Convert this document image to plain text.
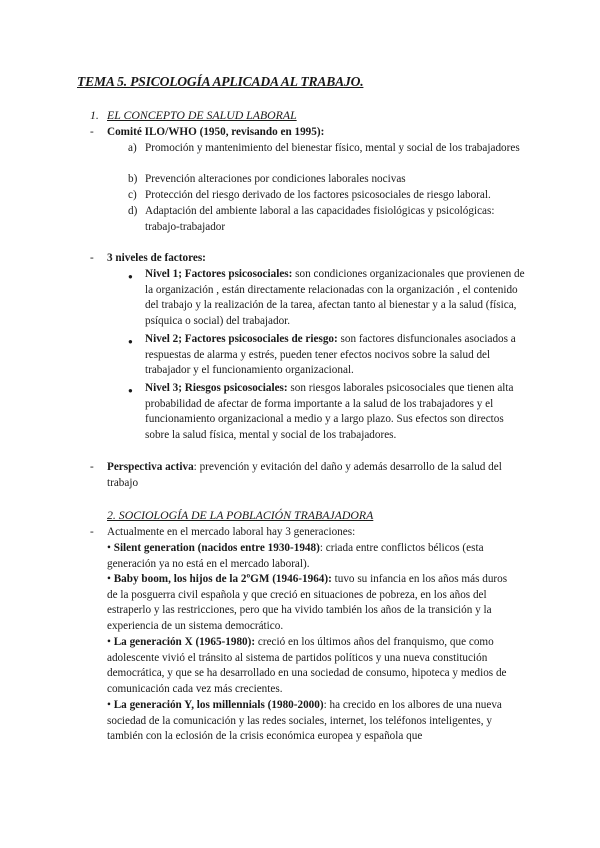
TEMA 5. PSICOLOGÍA APLICADA AL TRABAJO.
1. EL CONCEPTO DE SALUD LABORAL
- Comité ILO/WHO (1950, revisando en 1995):
a) Promoción y mantenimiento del bienestar físico, mental y social de los trabajadores
b) Prevención alteraciones por condiciones laborales nocivas
c) Protección del riesgo derivado de los factores psicosociales de riesgo laboral.
d) Adaptación del ambiente laboral a las capacidades fisiológicas y psicológicas: trabajo-trabajador
- 3 niveles de factores:
● Nivel 1; Factores psicosociales: son condiciones organizacionales que provienen de la organización , están directamente relacionadas con la organización , el contenido del trabajo y la realización de la tarea, afectan tanto al bienestar y a la salud (física, psíquica o social) del trabajador.
● Nivel 2; Factores psicosociales de riesgo: son factores disfuncionales asociados a respuestas de alarma y estrés, pueden tener efectos nocivos sobre la salud del trabajador y el funcionamiento organizacional.
● Nivel 3; Riesgos psicosociales: son riesgos laborales psicosociales que tienen alta probabilidad de afectar de forma importante a la salud de los trabajadores y el funcionamiento organizacional a medio y a largo plazo. Sus efectos son directos sobre la salud física, mental y social de los trabajadores.
- Perspectiva activa: prevención y evitación del daño y además desarrollo de la salud del trabajo
2. SOCIOLOGÍA DE LA POBLACIÓN TRABAJADORA
- Actualmente en el mercado laboral hay 3 generaciones:
• Silent generation (nacidos entre 1930-1948): criada entre conflictos bélicos (esta generación ya no está en el mercado laboral).
• Baby boom, los hijos de la 2ºGM (1946-1964): tuvo su infancia en los años más duros de la posguerra civil española y que creció en situaciones de pobreza, en los años del estraperlo y las restricciones, pero que ha vivido también los años de la transición y la experiencia de un sistema democrático.
• La generación X (1965-1980): creció en los últimos años del franquismo, que como adolescente vivió el tránsito al sistema de partidos políticos y una nueva constitución democrática, y que se ha desarrollado en una sociedad de consumo, hipoteca y medios de comunicación cada vez más crecientes.
• La generación Y, los millennials (1980-2000): ha crecido en los albores de una nueva sociedad de la comunicación y las redes sociales, internet, los teléfonos inteligentes, y también con la eclosión de la crisis económica europea y española que
